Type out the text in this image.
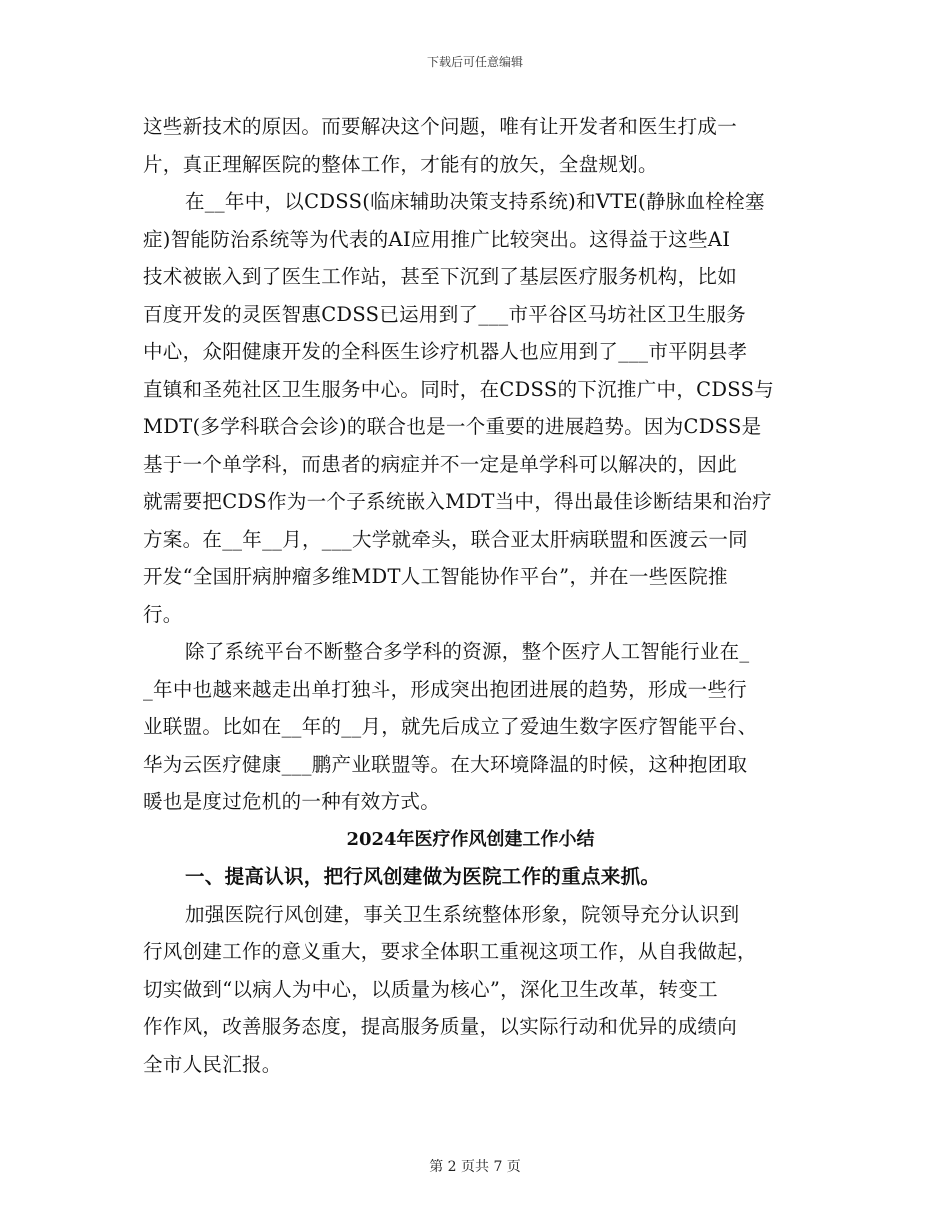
下载后可任意编辑
这些新技术的原因。而要解决这个问题，唯有让开发者和医生打成一
片，真正理解医院的整体工作，才能有的放矢，全盘规划。
在__年中，以CDSS(临床辅助决策支持系统)和VTE(静脉血栓栓塞
症)智能防治系统等为代表的AI应用推广比较突出。这得益于这些AI
技术被嵌入到了医生工作站，甚至下沉到了基层医疗服务机构，比如
百度开发的灵医智惠CDSS已运用到了___市平谷区马坊社区卫生服务
中心，众阳健康开发的全科医生诊疗机器人也应用到了___市平阴县孝
直镇和圣苑社区卫生服务中心。同时，在CDSS的下沉推广中，CDSS与
MDT(多学科联合会诊)的联合也是一个重要的进展趋势。因为CDSS是
基于一个单学科，而患者的病症并不一定是单学科可以解决的，因此
就需要把CDS作为一个子系统嵌入MDT当中，得出最佳诊断结果和治疗
方案。在__年__月，___大学就牵头，联合亚太肝病联盟和医渡云一同
开发“全国肝病肿瘤多维MDT人工智能协作平台”，并在一些医院推
行。
除了系统平台不断整合多学科的资源，整个医疗人工智能行业在_
_年中也越来越走出单打独斗，形成突出抱团进展的趋势，形成一些行
业联盟。比如在__年的__月，就先后成立了爱迪生数字医疗智能平台、
华为云医疗健康___鹏产业联盟等。在大环境降温的时候，这种抱团取
暖也是度过危机的一种有效方式。
2024年医疗作风创建工作小结
一、提高认识，把行风创建做为医院工作的重点来抓。
加强医院行风创建，事关卫生系统整体形象，院领导充分认识到
行风创建工作的意义重大，要求全体职工重视这项工作，从自我做起，
切实做到“以病人为中心，以质量为核心”，深化卫生改革，转变工
作作风，改善服务态度，提高服务质量，以实际行动和优异的成绩向
全市人民汇报。
第 2 页共 7 页
